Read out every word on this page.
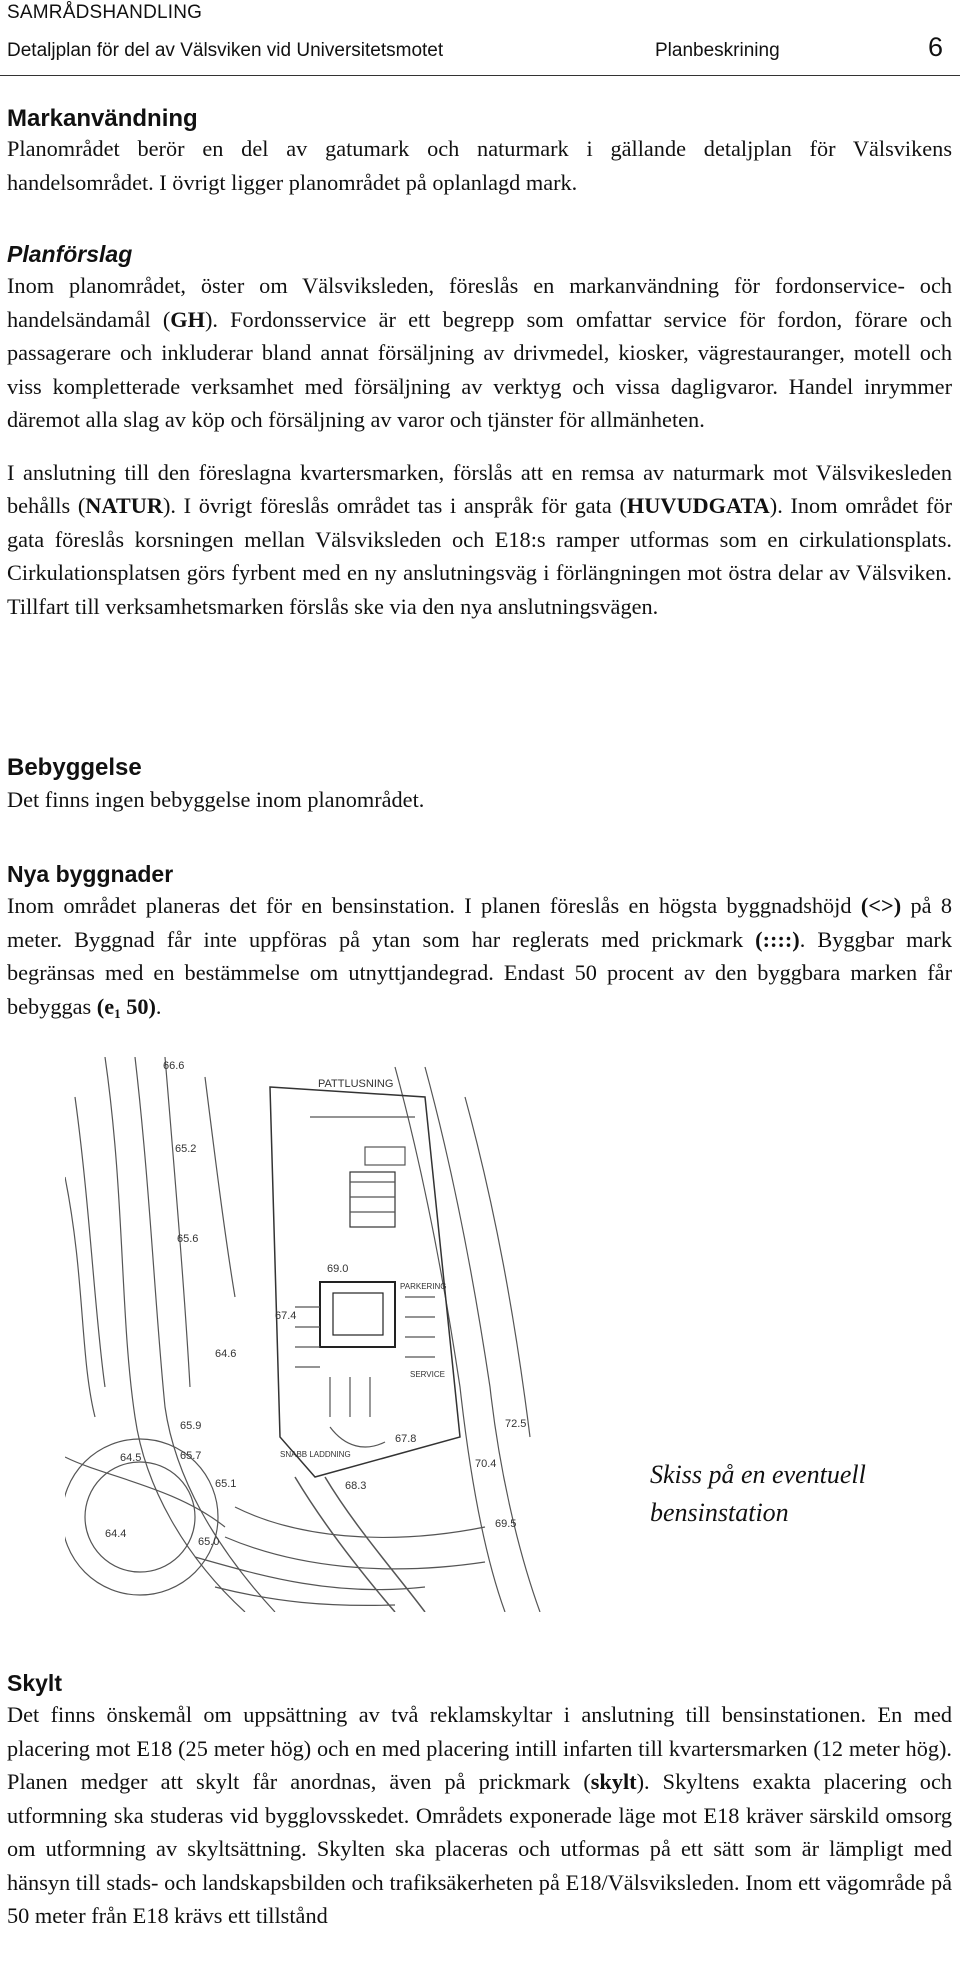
SAMRÅDSHANDLING
Detaljplan för del av Välsviken vid Universitetsmotet	Planbeskrining	6
Markanvändning

Planområdet berör en del av gatumark och naturmark i gällande detaljplan för Välsvikens handelsområdet. I övrigt ligger planområdet på oplanlagd mark.

Planförslag

Inom planområdet, öster om Välsviksleden, föreslås en markanvändning för fordonservice- och handelsändamål (GH). Fordonsservice är ett begrepp som omfattar service för fordon, förare och passagerare och inkluderar bland annat försäljning av drivmedel, kiosker, vägrestauranger, motell och viss kompletterade verksamhet med försäljning av verktyg och vissa dagligvaror. Handel inrymmer däremot alla slag av köp och försäljning av varor och tjänster för allmänheten.

I anslutning till den föreslagna kvartersmarken, förslås att en remsa av naturmark mot Välsvikesleden behålls (NATUR). I övrigt föreslås området tas i anspråk för gata (HUVUDGATA). Inom området för gata föreslås korsningen mellan Välsviksleden och E18:s ramper utformas som en cirkulationsplats. Cirkulationsplatsen görs fyrbent med en ny anslutningsväg i förlängningen mot östra delar av Välsviken. Tillfart till verksamhetsmarken förslås ske via den nya anslutningsvägen.

Bebyggelse

Det finns ingen bebyggelse inom planområdet.

Nya byggnader

Inom området planeras det för en bensinstation. I planen föreslås en högsta byggnadshöjd (<>) på 8 meter. Byggnad får inte uppföras på ytan som har reglerats med prickmark (::::). Byggbar mark begränsas med en bestämmelse om utnyttjandegrad. Endast 50 procent av den byggbara marken får bebyggas ($e_1$ 50).

PATTLUSNING
69.0
68.3
65.0
64.4
64.5	65.7
65.9
65.2
65.6
66.6
67.4
67.8
70.4
69.5
72.5
64.6
65.1
PARKERING
SERVICE
SNABB LADDNING
Skiss på en eventuell
bensinstation
Skylt

Det finns önskemål om uppsättning av två reklamskyltar i anslutning till bensinstationen. En med placering mot E18 (25 meter hög) och en med placering intill infarten till kvartersmarken (12 meter hög). Planen medger att skylt får anordnas, även på prickmark (skylt). Skyltens exakta placering och utformning ska studeras vid bygglovsskedet. Områdets exponerade läge mot E18 kräver särskild omsorg om utformning av skyltsättning. Skylten ska placeras och utformas på ett sätt som är lämpligt med hänsyn till stads- och landskapsbilden och trafiksäkerheten på E18/Välsviksleden. Inom ett vägområde på 50 meter från E18 krävs ett tillstånd
